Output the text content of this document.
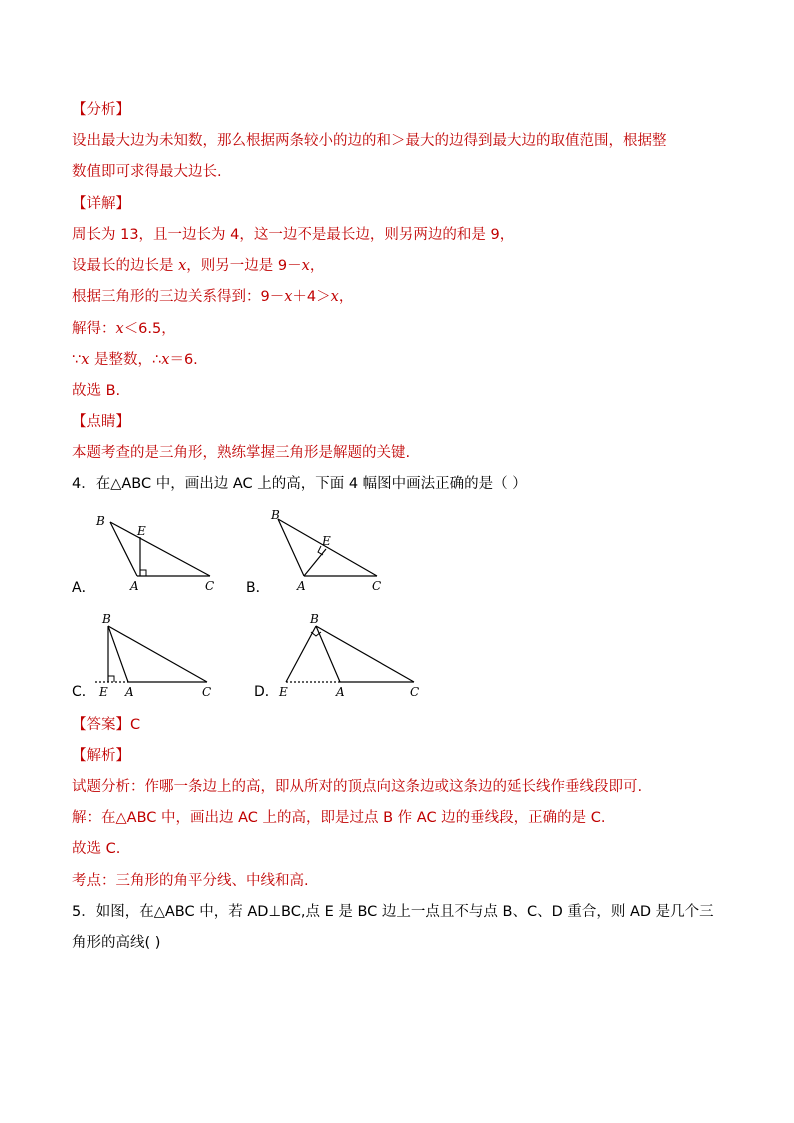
【分析】
设出最大边为未知数，那么根据两条较小的边的和＞最大的边得到最大边的取值范围，根据整
数值即可求得最大边长.
【详解】
周长为 13，且一边长为 4，这一边不是最长边，则另两边的和是 9，
设最长的边长是 x，则另一边是 9－x，
根据三角形的三边关系得到：9－x＋4＞x，
解得：x＜6.5，
∵x 是整数，∴x＝6.
故选 B.
【点睛】
本题考查的是三角形，熟练掌握三角形是解题的关键.
4．在△ABC 中，画出边 AC 上的高，下面 4 幅图中画法正确的是（ ）
A．
B
E
A	C B．
B
E
A	C
C．
B
E A	C	D．
B
E	A	C
【答案】C
【解析】
试题分析：作哪一条边上的高，即从所对的顶点向这条边或这条边的延长线作垂线段即可.
解：在△ABC 中，画出边 AC 上的高，即是过点 B 作 AC 边的垂线段，正确的是 C.
故选 C.
考点：三角形的角平分线、中线和高.
5．如图，在△ABC 中，若 AD⊥BC,点 E 是 BC 边上一点且不与点 B、C、D 重合，则 AD 是几个三
角形的高线( )
